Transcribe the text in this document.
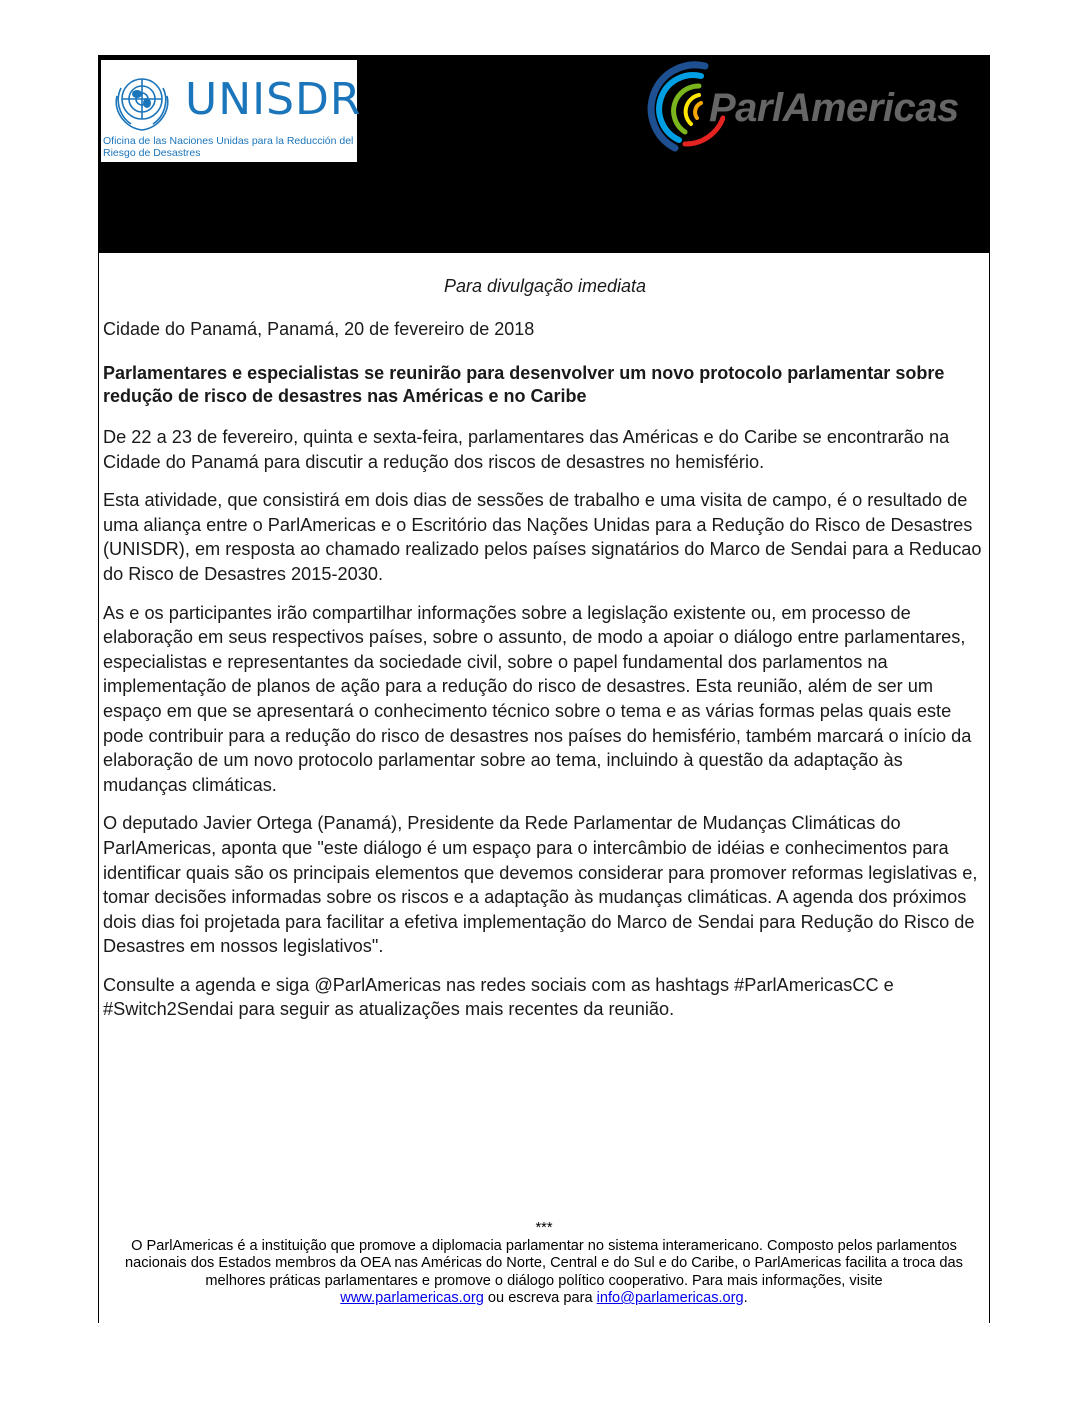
UNISDR
Oficina de las Naciones Unidas para la Reducción del Riesgo de Desastres
ParlAmericas

Para divulgação imediata

Cidade do Panamá, Panamá, 20 de fevereiro de 2018

Parlamentares e especialistas se reunirão para desenvolver um novo protocolo parlamentar sobre redução de risco de desastres nas Américas e no Caribe

De 22 a 23 de fevereiro, quinta e sexta-feira, parlamentares das Américas e do Caribe se encontrarão na Cidade do Panamá para discutir a redução dos riscos de desastres no hemisfério.

Esta atividade, que consistirá em dois dias de sessões de trabalho e uma visita de campo, é o resultado de uma aliança entre o ParlAmericas e o Escritório das Nações Unidas para a Redução do Risco de Desastres (UNISDR), em resposta ao chamado realizado pelos países signatários do Marco de Sendai para a Reducao do Risco de Desastres 2015-2030.

As e os participantes irão compartilhar informações sobre a legislação existente ou, em processo de elaboração em seus respectivos países, sobre o assunto, de modo a apoiar o diálogo entre parlamentares, especialistas e representantes da sociedade civil, sobre o papel fundamental dos parlamentos na implementação de planos de ação para a redução do risco de desastres. Esta reunião, além de ser um espaço em que se apresentará o conhecimento técnico sobre o tema e as várias formas pelas quais este pode contribuir para a redução do risco de desastres nos países do hemisfério, também marcará o início da elaboração de um novo protocolo parlamentar sobre ao tema, incluindo à questão da adaptação às mudanças climáticas.

O deputado Javier Ortega (Panamá), Presidente da Rede Parlamentar de Mudanças Climáticas do ParlAmericas, aponta que "este diálogo é um espaço para o intercâmbio de idéias e conhecimentos para identificar quais são os principais elementos que devemos considerar para promover reformas legislativas e, tomar decisões informadas sobre os riscos e a adaptação às mudanças climáticas. A agenda dos próximos dois dias foi projetada para facilitar a efetiva implementação do Marco de Sendai para Redução do Risco de Desastres em nossos legislativos".

Consulte a agenda e siga @ParlAmericas nas redes sociais com as hashtags #ParlAmericasCC e #Switch2Sendai para seguir as atualizações mais recentes da reunião.

***
O ParlAmericas é a instituição que promove a diplomacia parlamentar no sistema interamericano. Composto pelos parlamentos nacionais dos Estados membros da OEA nas Américas do Norte, Central e do Sul e do Caribe, o ParlAmericas facilita a troca das melhores práticas parlamentares e promove o diálogo político cooperativo. Para mais informações, visite
www.parlamericas.org ou escreva para info@parlamericas.org.
